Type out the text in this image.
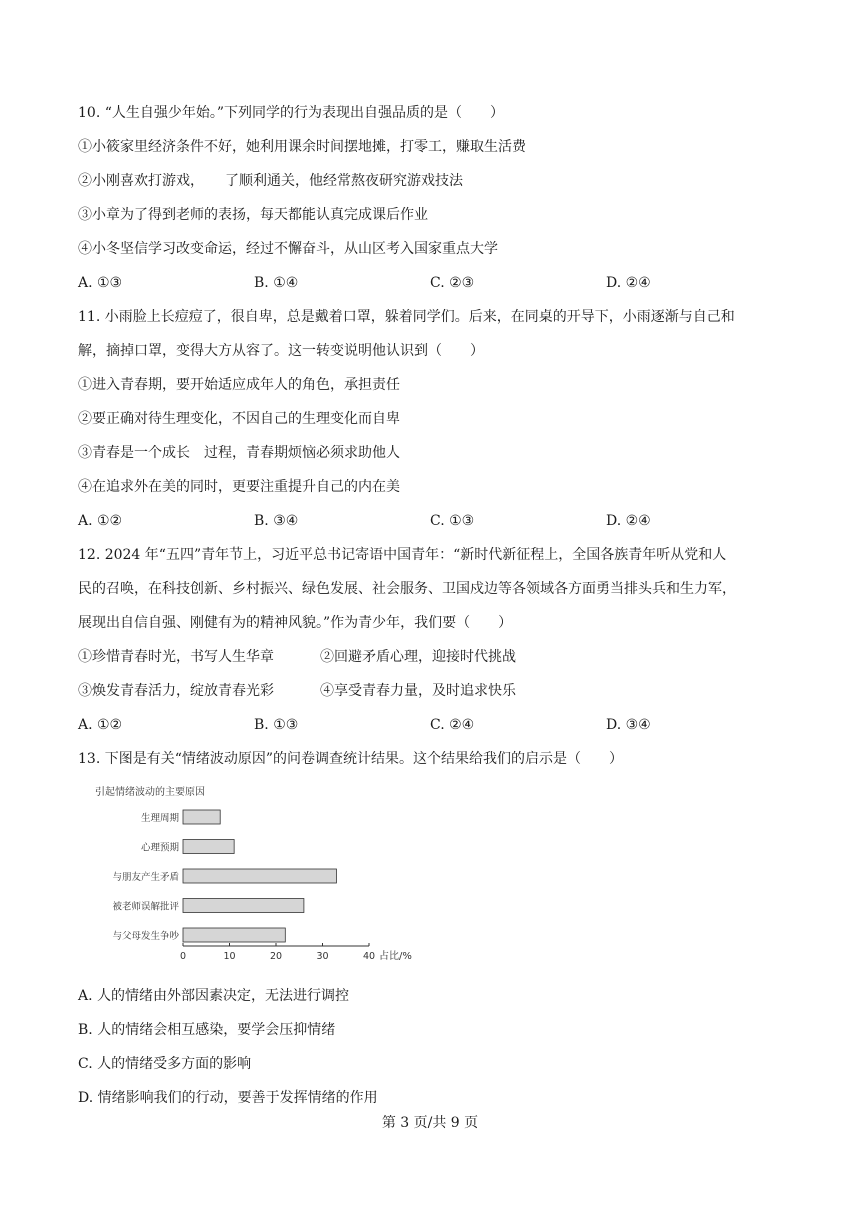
10. “人生自强少年始。”下列同学的行为表现出自强品质的是（　　）
①小筱家里经济条件不好，她利用课余时间摆地摊，打零工，赚取生活费
②小刚喜欢打游戏，　　了顺利通关，他经常熬夜研究游戏技法
③小章为了得到老师的表扬，每天都能认真完成课后作业
④小冬坚信学习改变命运，经过不懈奋斗，从山区考入国家重点大学
A. ①③	B. ①④	C. ②③	D. ②④
11. 小雨脸上长痘痘了，很自卑，总是戴着口罩，躲着同学们。后来，在同桌的开导下，小雨逐渐与自己和
解，摘掉口罩，变得大方从容了。这一转变说明他认识到（　　）
①进入青春期，要开始适应成年人的角色，承担责任
②要正确对待生理变化，不因自己的生理变化而自卑
③青春是一个成长　过程，青春期烦恼必须求助他人
④在追求外在美的同时，更要注重提升自己的内在美
A. ①②	B. ③④	C. ①③	D. ②④
12. 2024 年“五四”青年节上，习近平总书记寄语中国青年：“新时代新征程上，全国各族青年听从党和人
民的召唤，在科技创新、乡村振兴、绿色发展、社会服务、卫国戍边等各领域各方面勇当排头兵和生力军，
展现出自信自强、刚健有为的精神风貌。”作为青少年，我们要（　　）
①珍惜青春时光，书写人生华章	②回避矛盾心理，迎接时代挑战
③焕发青春活力，绽放青春光彩	④享受青春力量，及时追求快乐
A. ①②	B. ①③	C. ②④	D. ③④
13. 下图是有关“情绪波动原因”的问卷调查统计结果。这个结果给我们的启示是（　　）
引起情绪波动的主要原因
生理周期
心理预期
与朋友产生矛盾
被老师误解批评
与父母发生争吵
0	10	20	30	40 占比/%
A. 人的情绪由外部因素决定，无法进行调控
B. 人的情绪会相互感染，要学会压抑情绪
C. 人的情绪受多方面的影响
D. 情绪影响我们的行动，要善于发挥情绪的作用
第 3 页/共 9 页
